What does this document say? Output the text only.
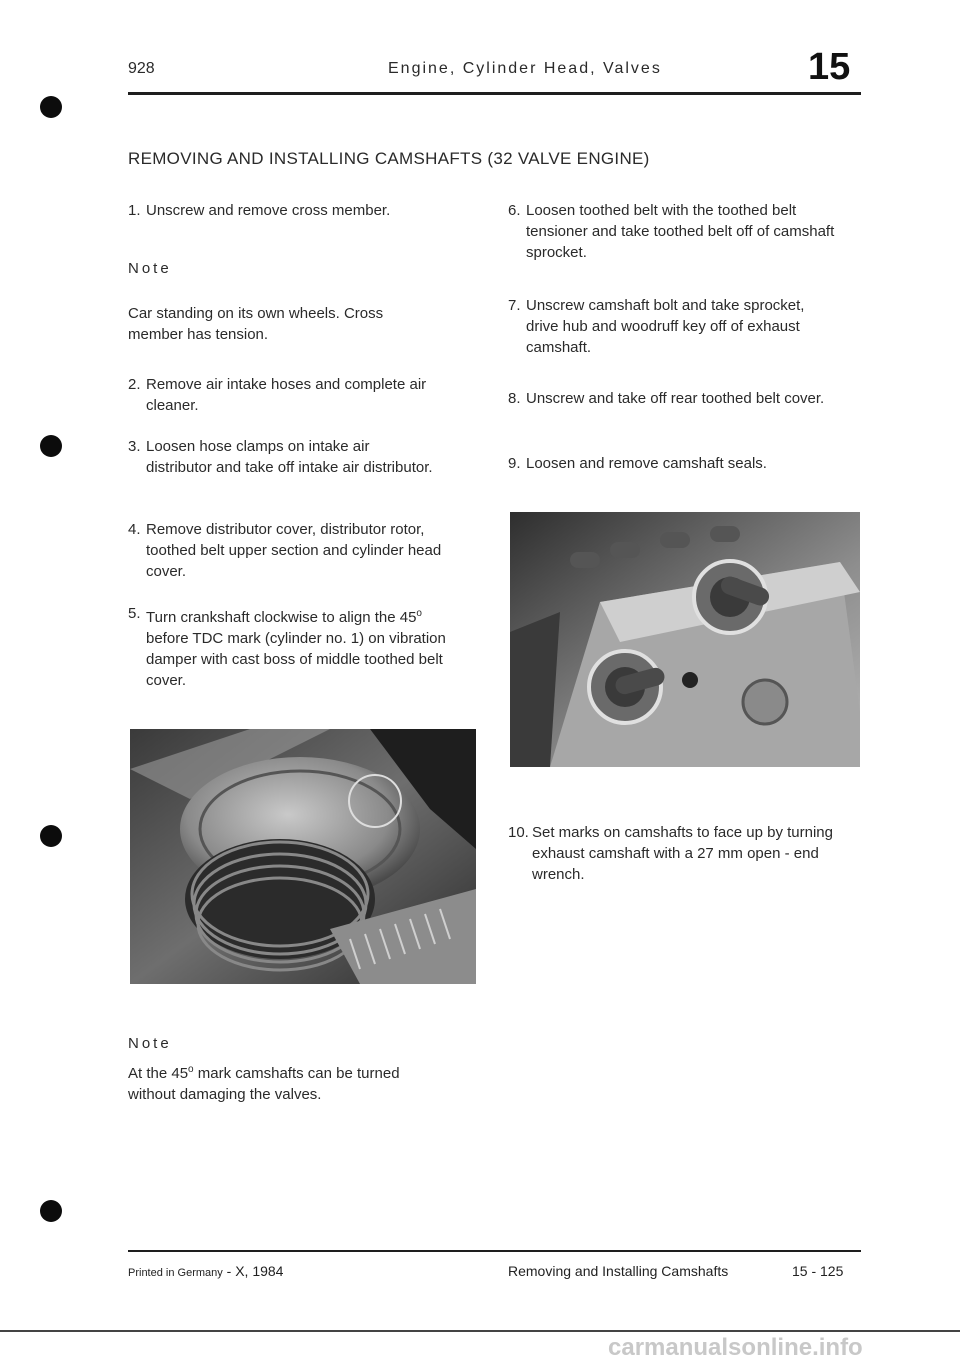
928	Engine, Cylinder Head, Valves	15
REMOVING AND INSTALLING CAMSHAFTS (32 VALVE ENGINE)
1. Unscrew and remove cross member.
Note
Car standing on its own wheels. Cross member has tension.
2. Remove air intake hoses and complete air cleaner.
3. Loosen hose clamps on intake air distributor and take off intake air distributor.
4. Remove distributor cover, distributor rotor, toothed belt upper section and cylinder head cover.
5. Turn crankshaft clockwise to align the 45$^o$ before TDC mark (cylinder no. 1) on vibration damper with cast boss of middle toothed belt cover.
Note
At the 45$^o$ mark camshafts can be turned without damaging the valves.
6. Loosen toothed belt with the toothed belt tensioner and take toothed belt off of camshaft sprocket.
7. Unscrew camshaft bolt and take sprocket, drive hub and woodruff key off of exhaust camshaft.
8. Unscrew and take off rear toothed belt cover.
9. Loosen and remove camshaft seals.
10. Set marks on camshafts to face up by turning exhaust camshaft with a 27 mm open - end wrench.
Printed in Germany - X, 1984	Removing and Installing Camshafts	15 - 125
carmanualsonline.info
